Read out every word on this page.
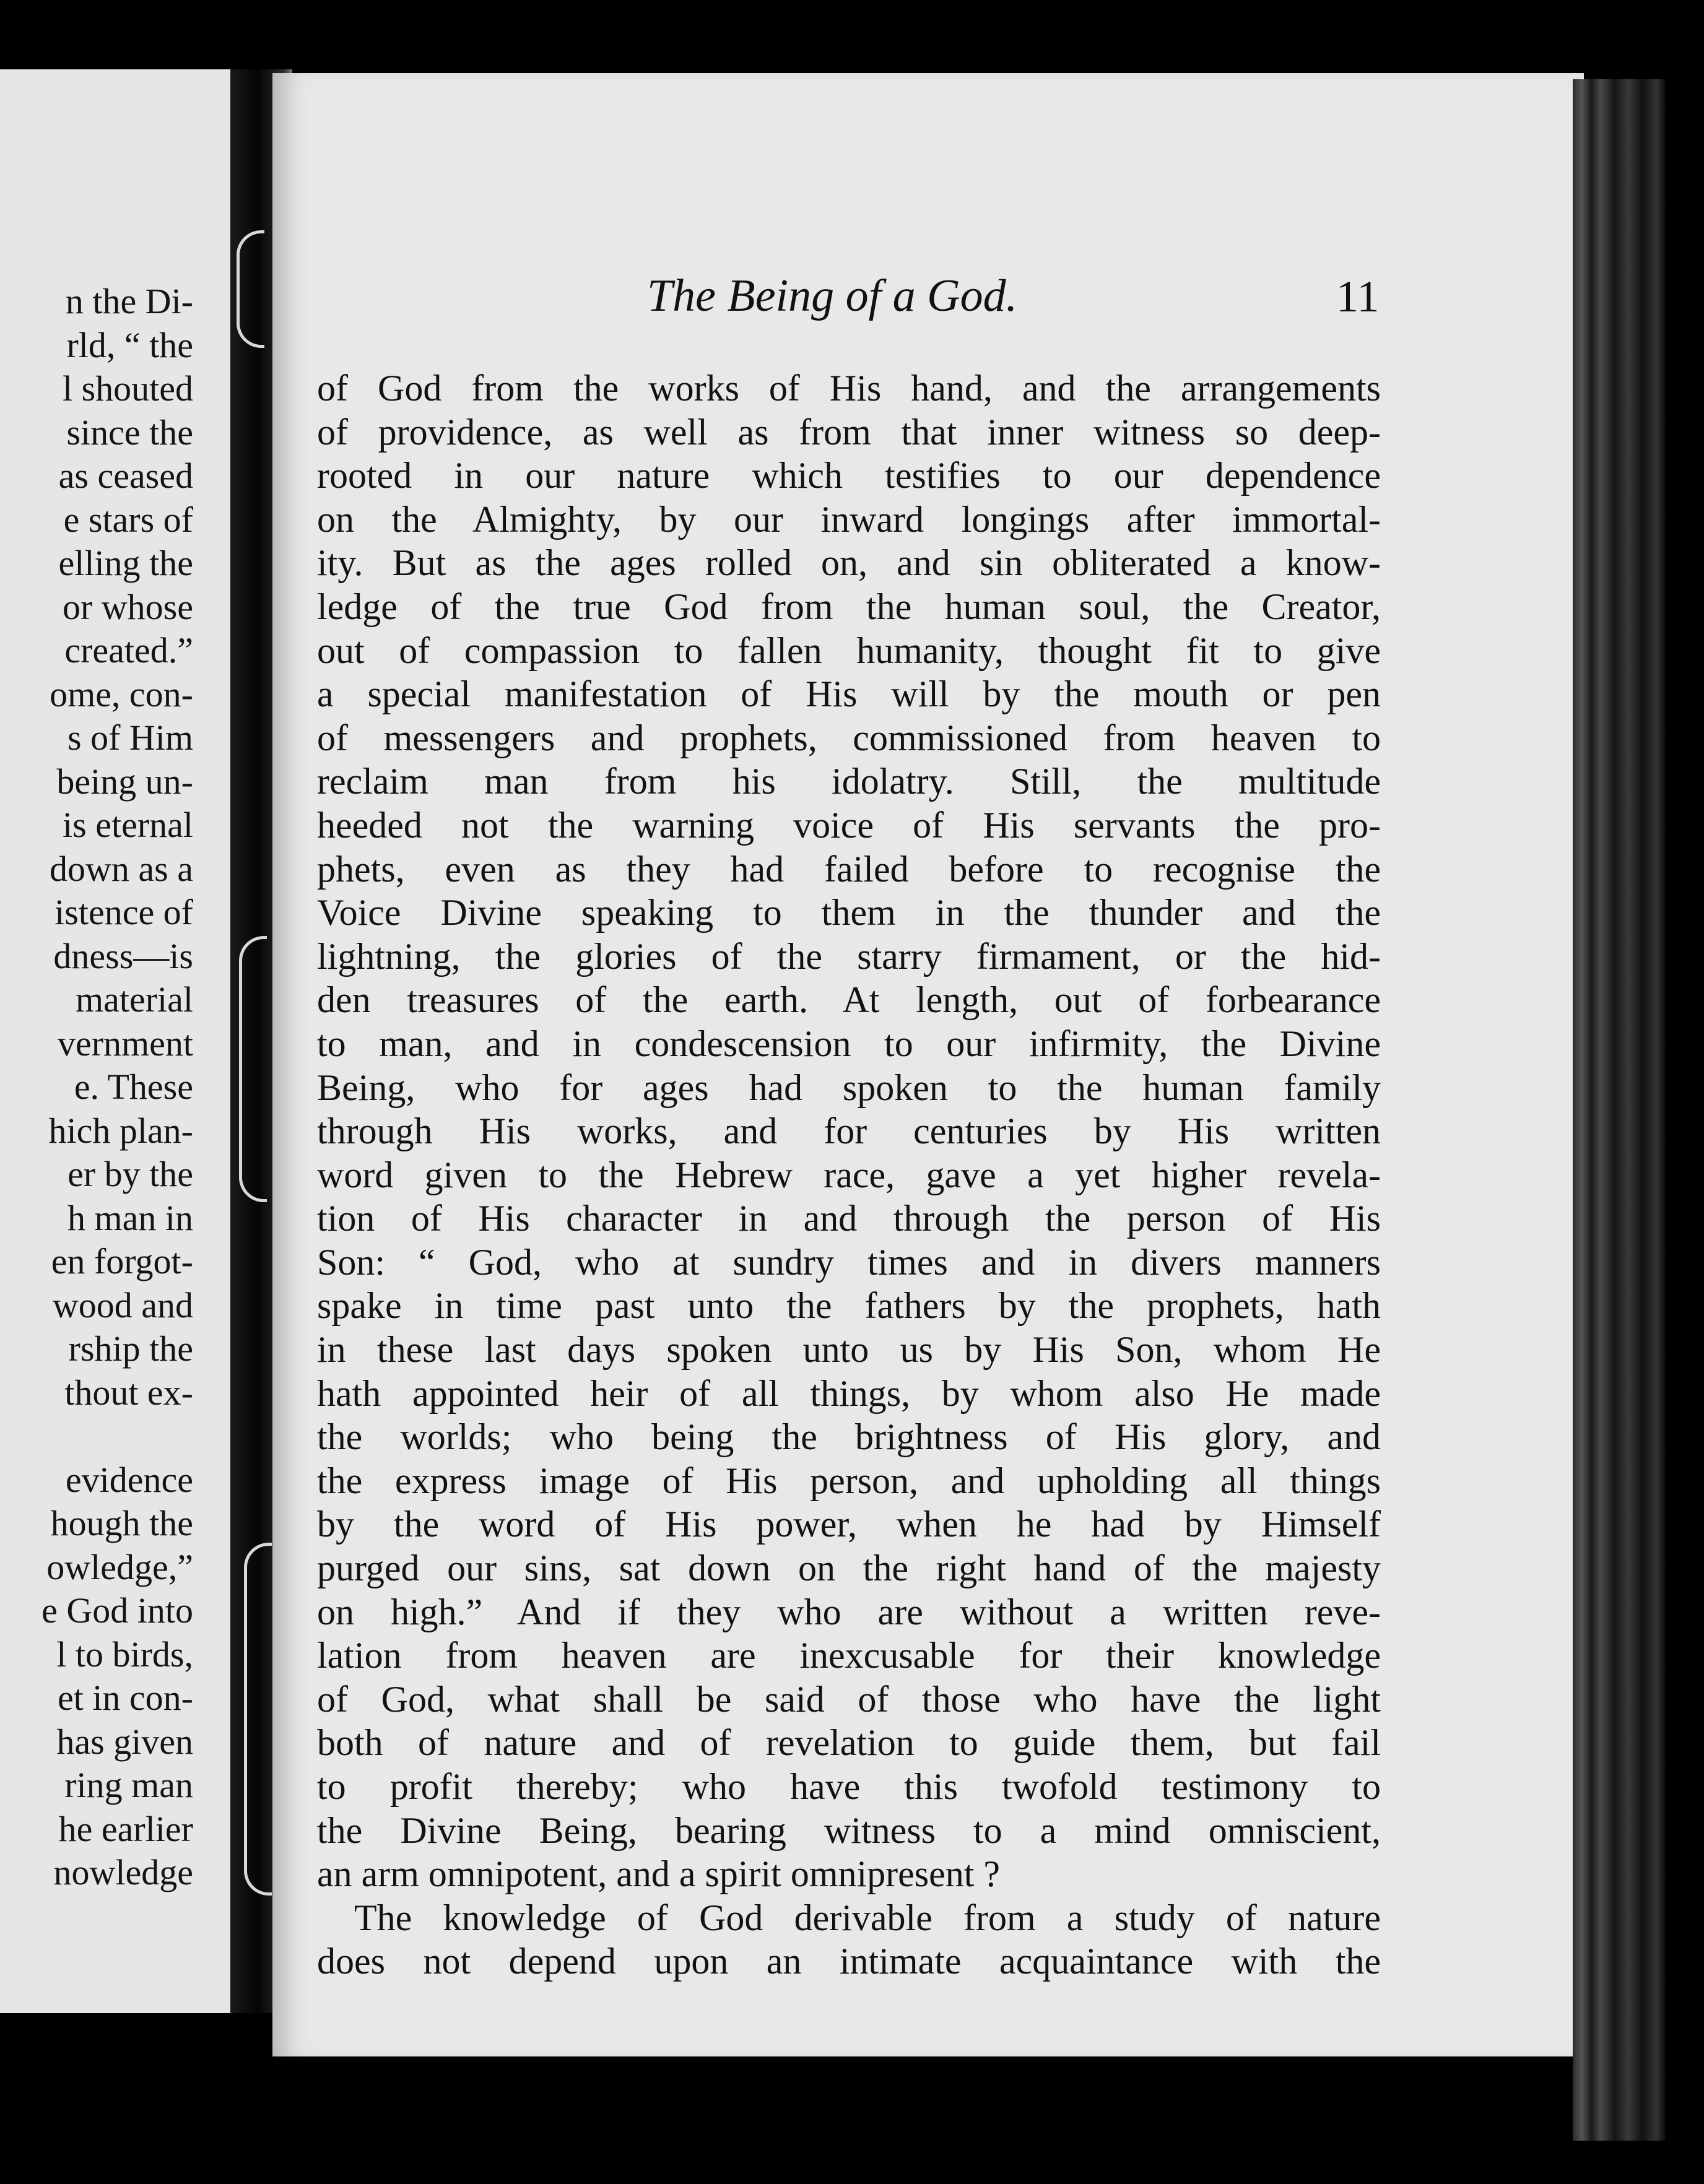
n the Di-
rld, “ the
l shouted
since the
as ceased
e stars of
elling the
or whose
created.”
ome, con-
s of Him
being un-
is eternal
down as a
istence of
dness—is
material
vernment
e. These
hich plan-
er by the
h man in
en forgot-
wood and
rship the
thout ex-
evidence
hough the
owledge,”
e God into
l to birds,
et in con-
has given
ring man
he earlier
nowledge
The Being of a God.	11
of God from the works of His hand, and the arrangements
of providence, as well as from that inner witness so deep-
rooted in our nature which testifies to our dependence
on the Almighty, by our inward longings after immortal-
ity. But as the ages rolled on, and sin obliterated a know-
ledge of the true God from the human soul, the Creator,
out of compassion to fallen humanity, thought fit to give
a special manifestation of His will by the mouth or pen
of messengers and prophets, commissioned from heaven to
reclaim man from his idolatry. Still, the multitude
heeded not the warning voice of His servants the pro-
phets, even as they had failed before to recognise the
Voice Divine speaking to them in the thunder and the
lightning, the glories of the starry firmament, or the hid-
den treasures of the earth. At length, out of forbearance
to man, and in condescension to our infirmity, the Divine
Being, who for ages had spoken to the human family
through His works, and for centuries by His written
word given to the Hebrew race, gave a yet higher revela-
tion of His character in and through the person of His
Son: “ God, who at sundry times and in divers manners
spake in time past unto the fathers by the prophets, hath
in these last days spoken unto us by His Son, whom He
hath appointed heir of all things, by whom also He made
the worlds; who being the brightness of His glory, and
the express image of His person, and upholding all things
by the word of His power, when he had by Himself
purged our sins, sat down on the right hand of the majesty
on high.” And if they who are without a written reve-
lation from heaven are inexcusable for their knowledge
of God, what shall be said of those who have the light
both of nature and of revelation to guide them, but fail
to profit thereby; who have this twofold testimony to
the Divine Being, bearing witness to a mind omniscient,
an arm omnipotent, and a spirit omnipresent ?
The knowledge of God derivable from a study of nature
does not depend upon an intimate acquaintance with the
